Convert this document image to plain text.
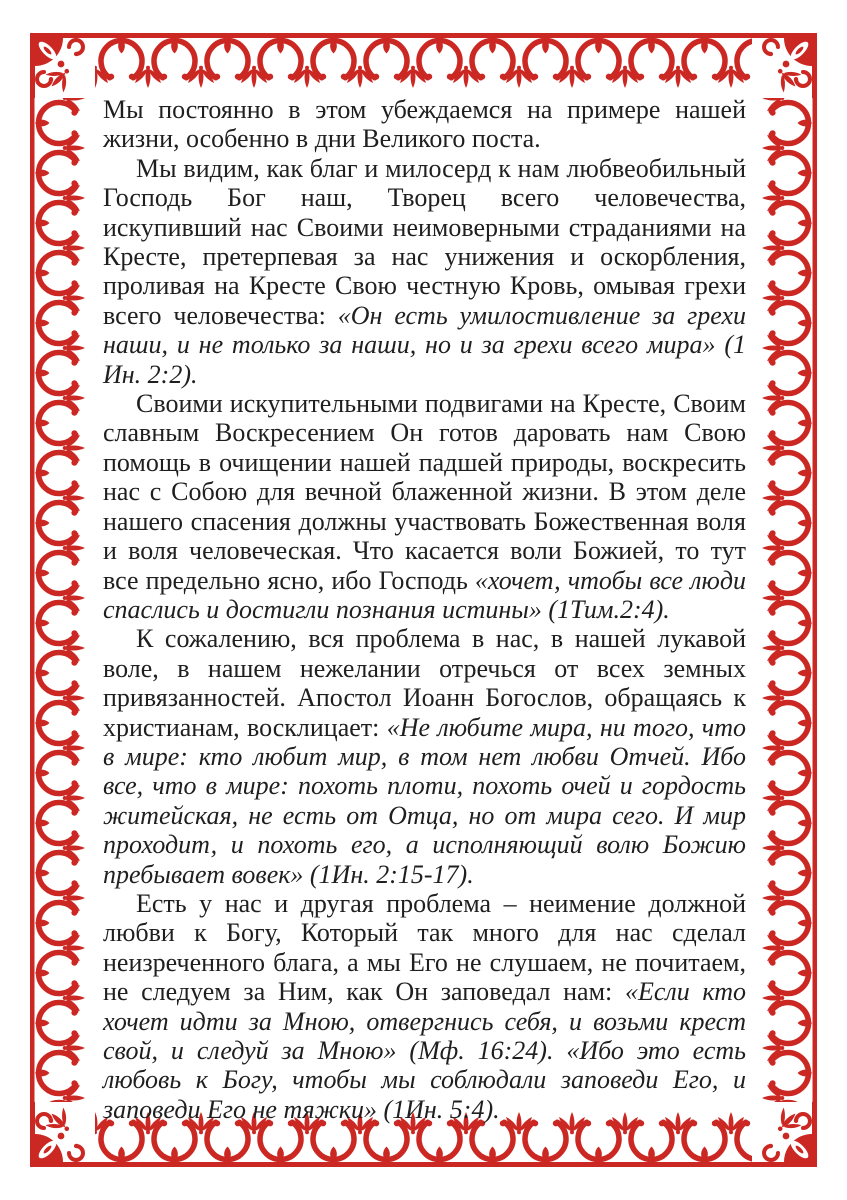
Мы постоянно в этом убеждаемся на примере нашей жизни, особенно в дни Великого поста.

Мы видим, как благ и милосерд к нам любвеобильный Господь Бог наш, Творец всего человечества, искупивший нас Своими неимоверными страданиями на Кресте, претерпевая за нас унижения и оскорбления, проливая на Кресте Свою честную Кровь, омывая грехи всего человечества: «Он есть умилостивление за грехи наши, и не только за наши, но и за грехи всего мира» (1 Ин. 2:2).

Своими искупительными подвигами на Кресте, Своим славным Воскресением Он готов даровать нам Свою помощь в очищении нашей падшей природы, воскресить нас с Собою для вечной блаженной жизни. В этом деле нашего спасения должны участвовать Божественная воля и воля человеческая. Что касается воли Божией, то тут все предельно ясно, ибо Господь «хочет, чтобы все люди спаслись и достигли познания истины» (1Тим.2:4).

К сожалению, вся проблема в нас, в нашей лукавой воле, в нашем нежелании отречься от всех земных привязанностей. Апостол Иоанн Богослов, обращаясь к христианам, восклицает: «Не любите мира, ни того, что в мире: кто любит мир, в том нет любви Отчей. Ибо все, что в мире: похоть плоти, похоть очей и гордость житейская, не есть от Отца, но от мира сего. И мир проходит, и похоть его, а исполняющий волю Божию пребывает вовек» (1Ин. 2:15-17).

Есть у нас и другая проблема – неимение должной любви к Богу, Который так много для нас сделал неизреченного блага, а мы Его не слушаем, не почитаем, не следуем за Ним, как Он заповедал нам: «Если кто хочет идти за Мною, отвергнись себя, и возьми крест свой, и следуй за Мною» (Мф. 16:24). «Ибо это есть любовь к Богу, чтобы мы соблюдали заповеди Его, и заповеди Его не тяжки» (1Ин. 5:4).
